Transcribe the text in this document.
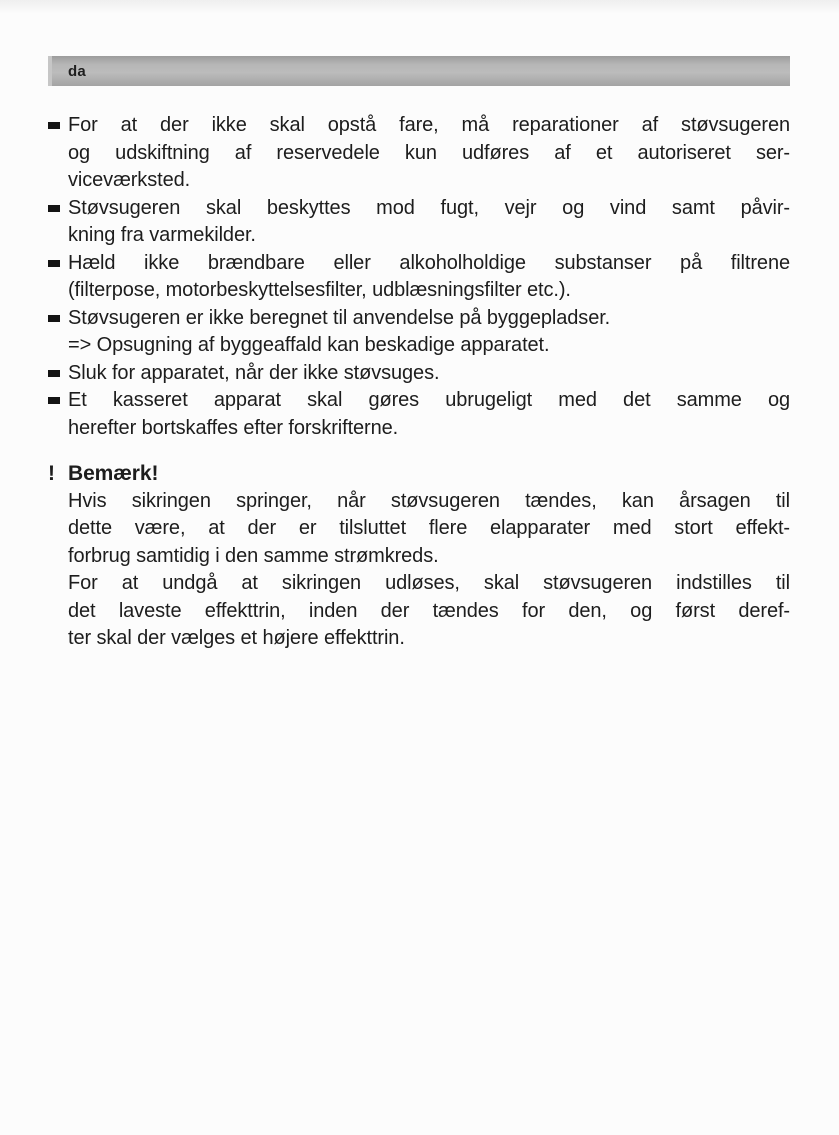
da
For at der ikke skal opstå fare, må reparationer af støvsugeren
og udskiftning af reservedele kun udføres af et autoriseret ser-
viceværksted.
Støvsugeren skal beskyttes mod fugt, vejr og vind samt påvir-
kning fra varmekilder.
Hæld ikke brændbare eller alkoholholdige substanser på filtrene
(filterpose, motorbeskyttelsesfilter, udblæsningsfilter etc.).
Støvsugeren er ikke beregnet til anvendelse på byggepladser.
=> Opsugning af byggeaffald kan beskadige apparatet.
Sluk for apparatet, når der ikke støvsuges.
Et kasseret apparat skal gøres ubrugeligt med det samme og
herefter bortskaffes efter forskrifterne.
! Bemærk!
Hvis sikringen springer, når støvsugeren tændes, kan årsagen til
dette være, at der er tilsluttet flere elapparater med stort effekt-
forbrug samtidig i den samme strømkreds.
For at undgå at sikringen udløses, skal støvsugeren indstilles til
det laveste effekttrin, inden der tændes for den, og først deref-
ter skal der vælges et højere effekttrin.
